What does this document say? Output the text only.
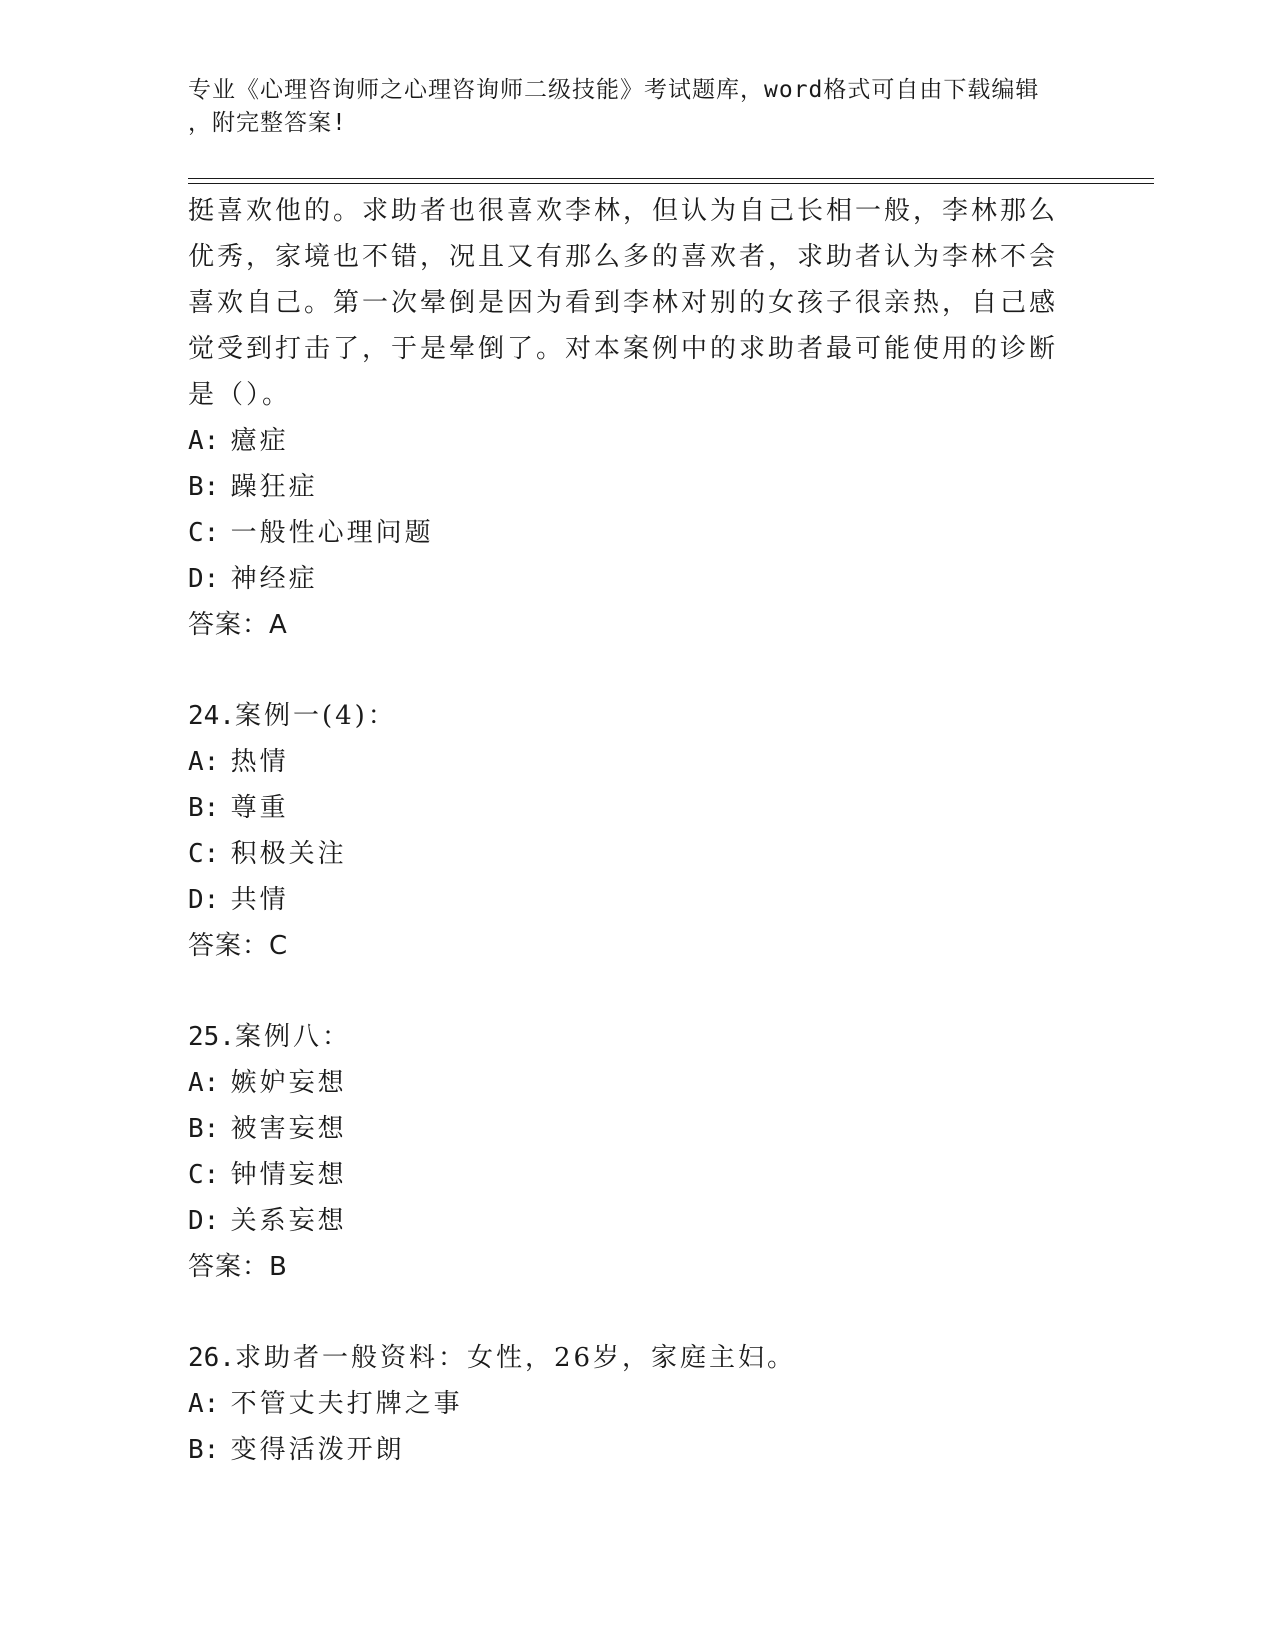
专业《心理咨询师之心理咨询师二级技能》考试题库，word格式可自由下载编辑
，附完整答案!
挺喜欢他的。求助者也很喜欢李林，但认为自己长相一般，李林那么
优秀，家境也不错，况且又有那么多的喜欢者，求助者认为李林不会
喜欢自己。第一次晕倒是因为看到李林对别的女孩子很亲热，自己感
觉受到打击了，于是晕倒了。对本案例中的求助者最可能使用的诊断
是（）。
A: 癔症
B: 躁狂症
C: 一般性心理问题
D: 神经症
答案：A
24.案例一(4)：
A: 热情
B: 尊重
C: 积极关注
D: 共情
答案：C
25.案例八：
A: 嫉妒妄想
B: 被害妄想
C: 钟情妄想
D: 关系妄想
答案：B
26.求助者一般资料：女性，26岁，家庭主妇。
A: 不管丈夫打牌之事
B: 变得活泼开朗
